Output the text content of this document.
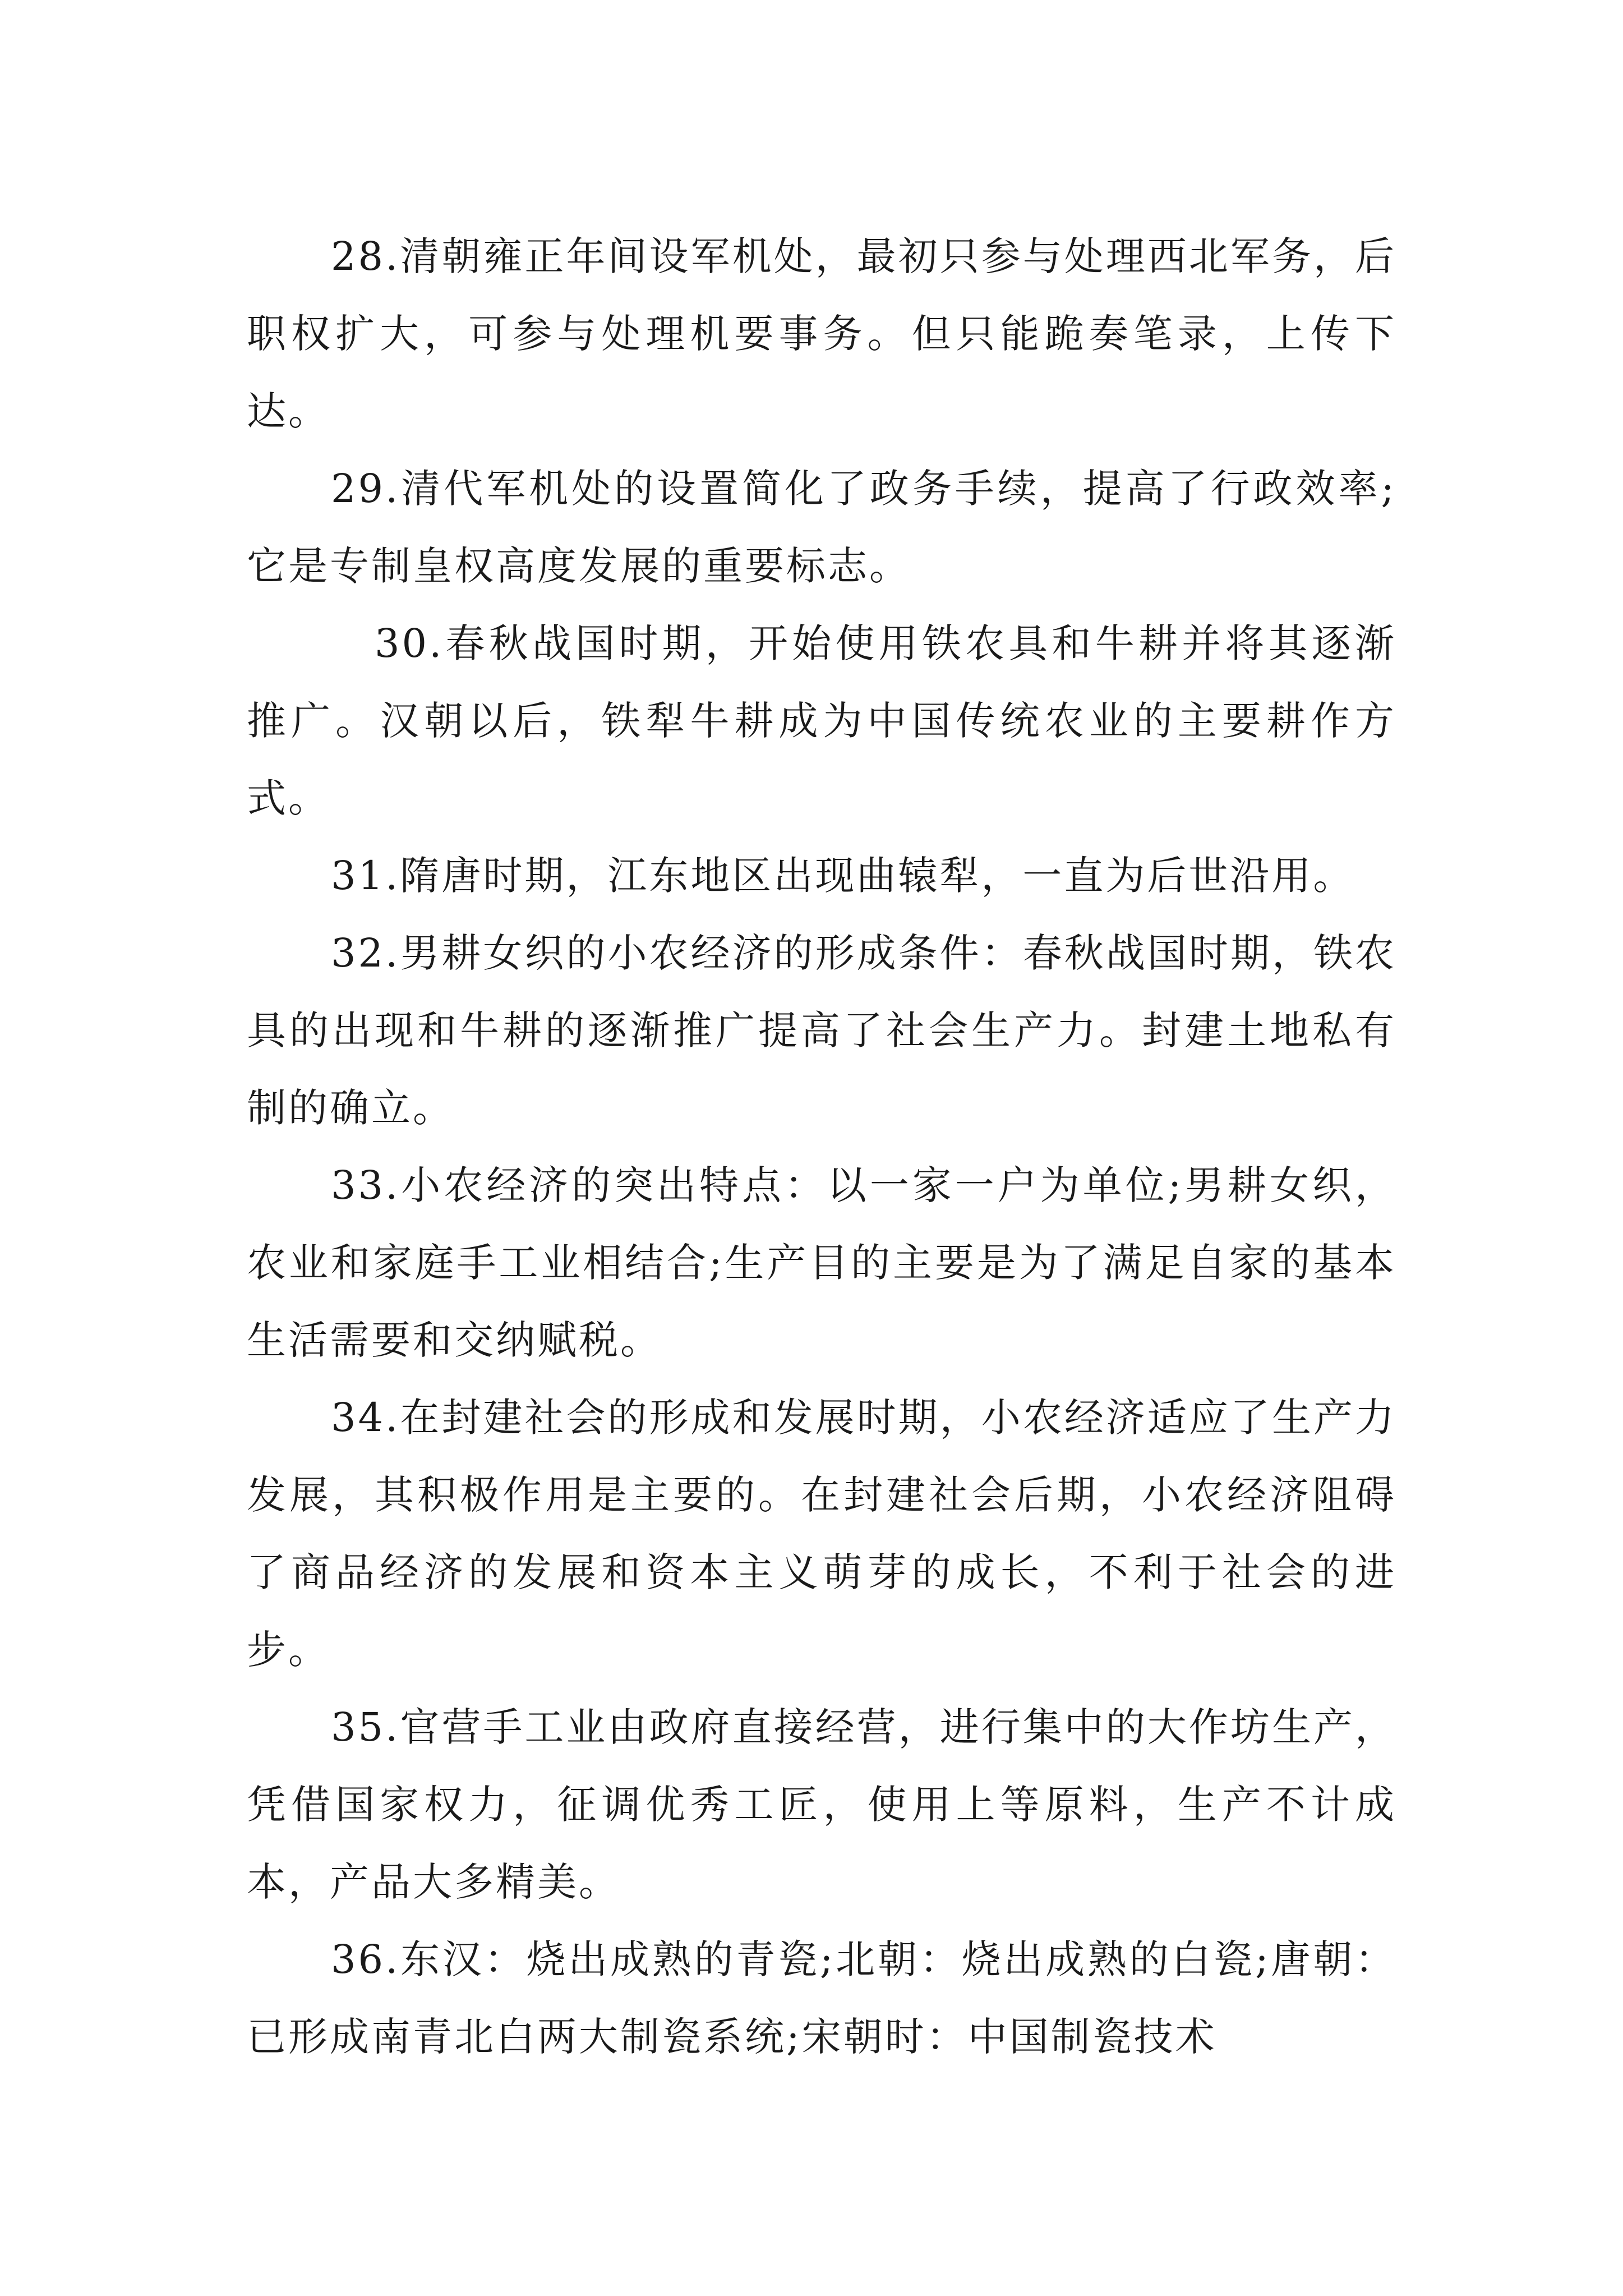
28.清朝雍正年间设军机处，最初只参与处理西北军务，后职权扩大，可参与处理机要事务。但只能跪奏笔录，上传下达。

29.清代军机处的设置简化了政务手续，提高了行政效率;它是专制皇权高度发展的重要标志。

30.春秋战国时期，开始使用铁农具和牛耕并将其逐渐推广。汉朝以后，铁犁牛耕成为中国传统农业的主要耕作方式。

31.隋唐时期，江东地区出现曲辕犁，一直为后世沿用。

32.男耕女织的小农经济的形成条件：春秋战国时期，铁农具的出现和牛耕的逐渐推广提高了社会生产力。封建土地私有制的确立。

33.小农经济的突出特点：以一家一户为单位;男耕女织，农业和家庭手工业相结合;生产目的主要是为了满足自家的基本生活需要和交纳赋税。

34.在封建社会的形成和发展时期，小农经济适应了生产力发展，其积极作用是主要的。在封建社会后期，小农经济阻碍了商品经济的发展和资本主义萌芽的成长，不利于社会的进步。

35.官营手工业由政府直接经营，进行集中的大作坊生产，凭借国家权力，征调优秀工匠，使用上等原料，生产不计成本，产品大多精美。

36.东汉：烧出成熟的青瓷;北朝：烧出成熟的白瓷;唐朝：已形成南青北白两大制瓷系统;宋朝时：中国制瓷技术
